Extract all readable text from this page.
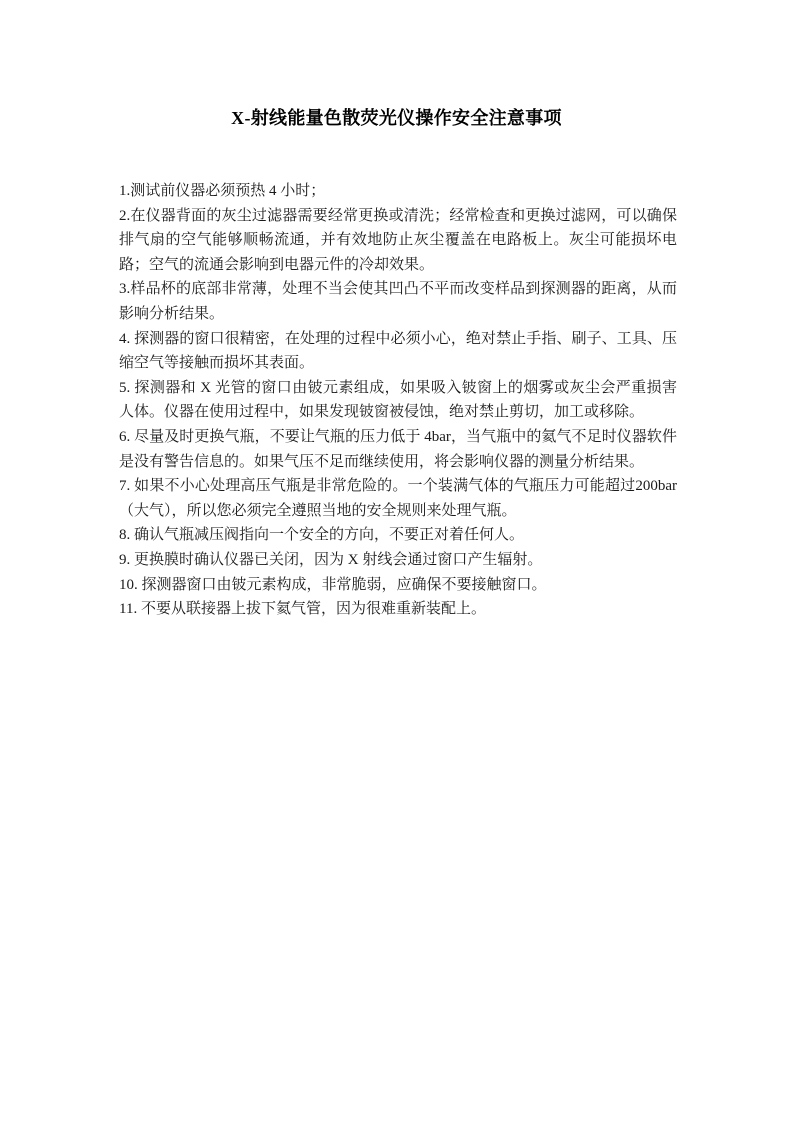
X-射线能量色散荧光仪操作安全注意事项

1.测试前仪器必须预热 4 小时；

2.在仪器背面的灰尘过滤器需要经常更换或清洗；经常检查和更换过滤网，可以确保排气扇的空气能够顺畅流通，并有效地防止灰尘覆盖在电路板上。灰尘可能损坏电路；空气的流通会影响到电器元件的冷却效果。

3.样品杯的底部非常薄，处理不当会使其凹凸不平而改变样品到探测器的距离，从而影响分析结果。

4. 探测器的窗口很精密，在处理的过程中必须小心，绝对禁止手指、刷子、工具、压缩空气等接触而损坏其表面。

5. 探测器和 X 光管的窗口由铍元素组成，如果吸入铍窗上的烟雾或灰尘会严重损害人体。仪器在使用过程中，如果发现铍窗被侵蚀，绝对禁止剪切，加工或移除。

6. 尽量及时更换气瓶，不要让气瓶的压力低于 4bar，当气瓶中的氦气不足时仪器软件是没有警告信息的。如果气压不足而继续使用，将会影响仪器的测量分析结果。

7. 如果不小心处理高压气瓶是非常危险的。一个装满气体的气瓶压力可能超过200bar（大气），所以您必须完全遵照当地的安全规则来处理气瓶。

8. 确认气瓶减压阀指向一个安全的方向，不要正对着任何人。

9. 更换膜时确认仪器已关闭，因为 X 射线会通过窗口产生辐射。

10. 探测器窗口由铍元素构成，非常脆弱，应确保不要接触窗口。

11. 不要从联接器上拔下氦气管，因为很难重新装配上。
